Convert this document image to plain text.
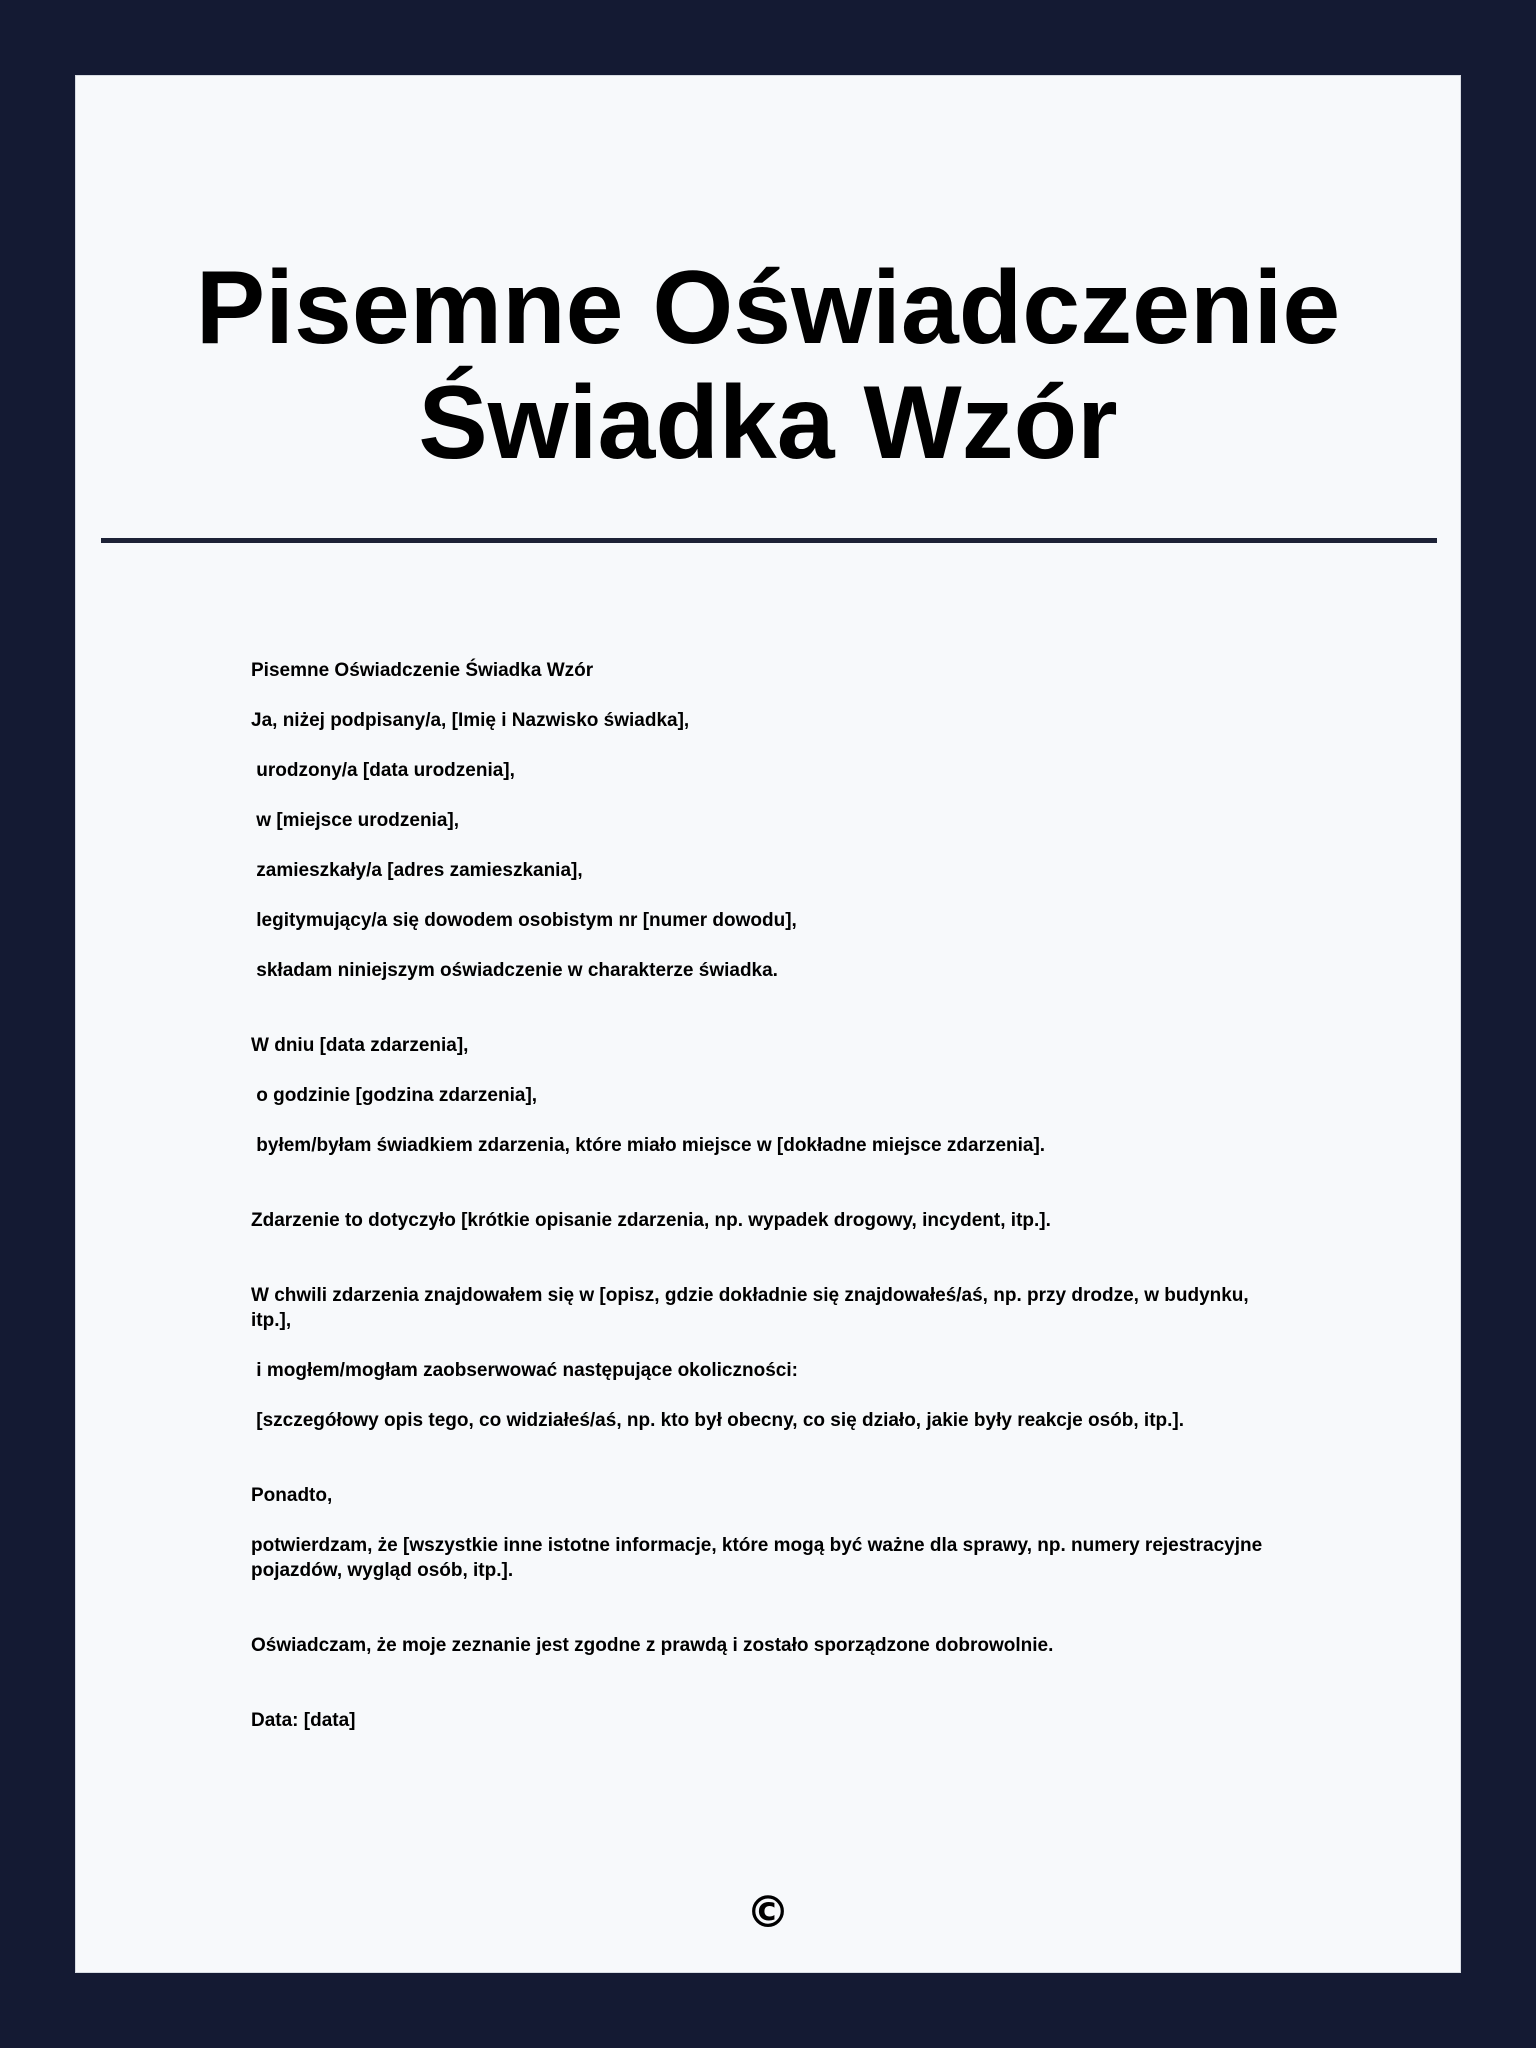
Pisemne Oświadczenie
Świadka Wzór

Pisemne Oświadczenie Świadka Wzór

Ja, niżej podpisany/a, [Imię i Nazwisko świadka],

urodzony/a [data urodzenia],

w [miejsce urodzenia],

zamieszkały/a [adres zamieszkania],

legitymujący/a się dowodem osobistym nr [numer dowodu],

składam niniejszym oświadczenie w charakterze świadka.

W dniu [data zdarzenia],

o godzinie [godzina zdarzenia],

byłem/byłam świadkiem zdarzenia, które miało miejsce w [dokładne miejsce zdarzenia].

Zdarzenie to dotyczyło [krótkie opisanie zdarzenia, np. wypadek drogowy, incydent, itp.].

W chwili zdarzenia znajdowałem się w [opisz, gdzie dokładnie się znajdowałeś/aś, np. przy drodze, w budynku, itp.],

i mogłem/mogłam zaobserwować następujące okoliczności:

[szczegółowy opis tego, co widziałeś/aś, np. kto był obecny, co się działo, jakie były reakcje osób, itp.].

Ponadto,

potwierdzam, że [wszystkie inne istotne informacje, które mogą być ważne dla sprawy, np. numery rejestracyjne pojazdów, wygląd osób, itp.].

Oświadczam, że moje zeznanie jest zgodne z prawdą i zostało sporządzone dobrowolnie.

Data: [data]

©
